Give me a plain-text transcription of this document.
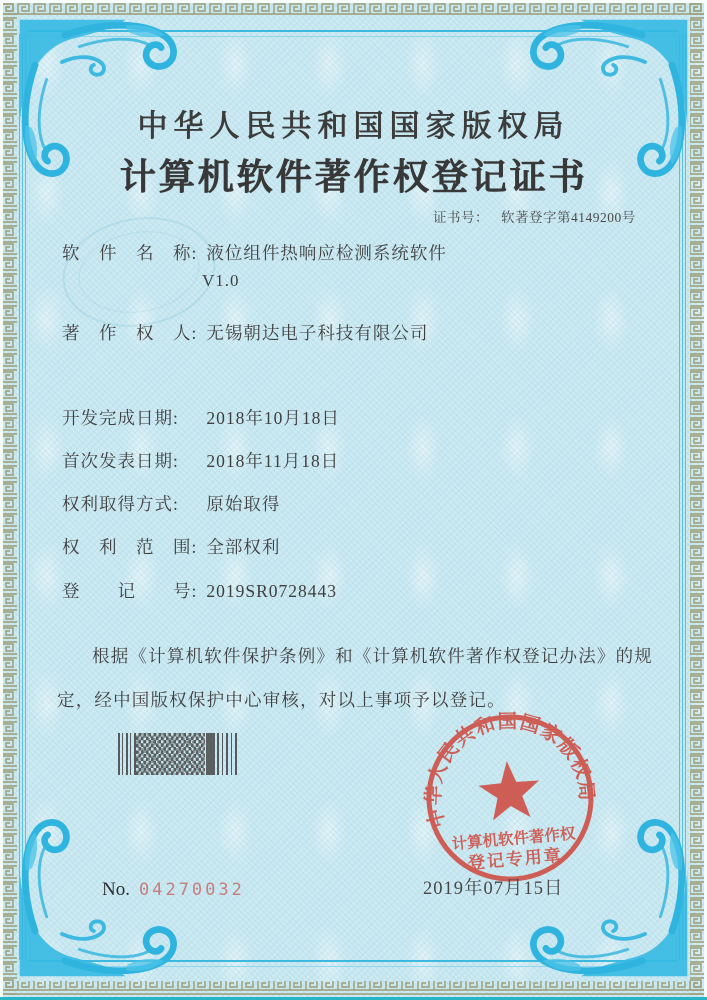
中华人民共和国国家版权局
计算机软件著作权登记证书
证书号： 软著登字第4149200号
软　件　名　称: 液位组件热响应检测系统软件
V1.0
著　作　权　人: 无锡朝达电子科技有限公司
开发完成日期: 2018年10月18日
首次发表日期: 2018年11月18日
权利取得方式: 原始取得
权　利　范　围: 全部权利
登　　记　　号: 2019SR0728443

根据《计算机软件保护条例》和《计算机软件著作权登记办法》的规定，经中国版权保护中心审核，对以上事项予以登记。

中华人民共和国国家版权局
计算机软件著作权
登记专用章
2019年07月15日
No. 04270032
